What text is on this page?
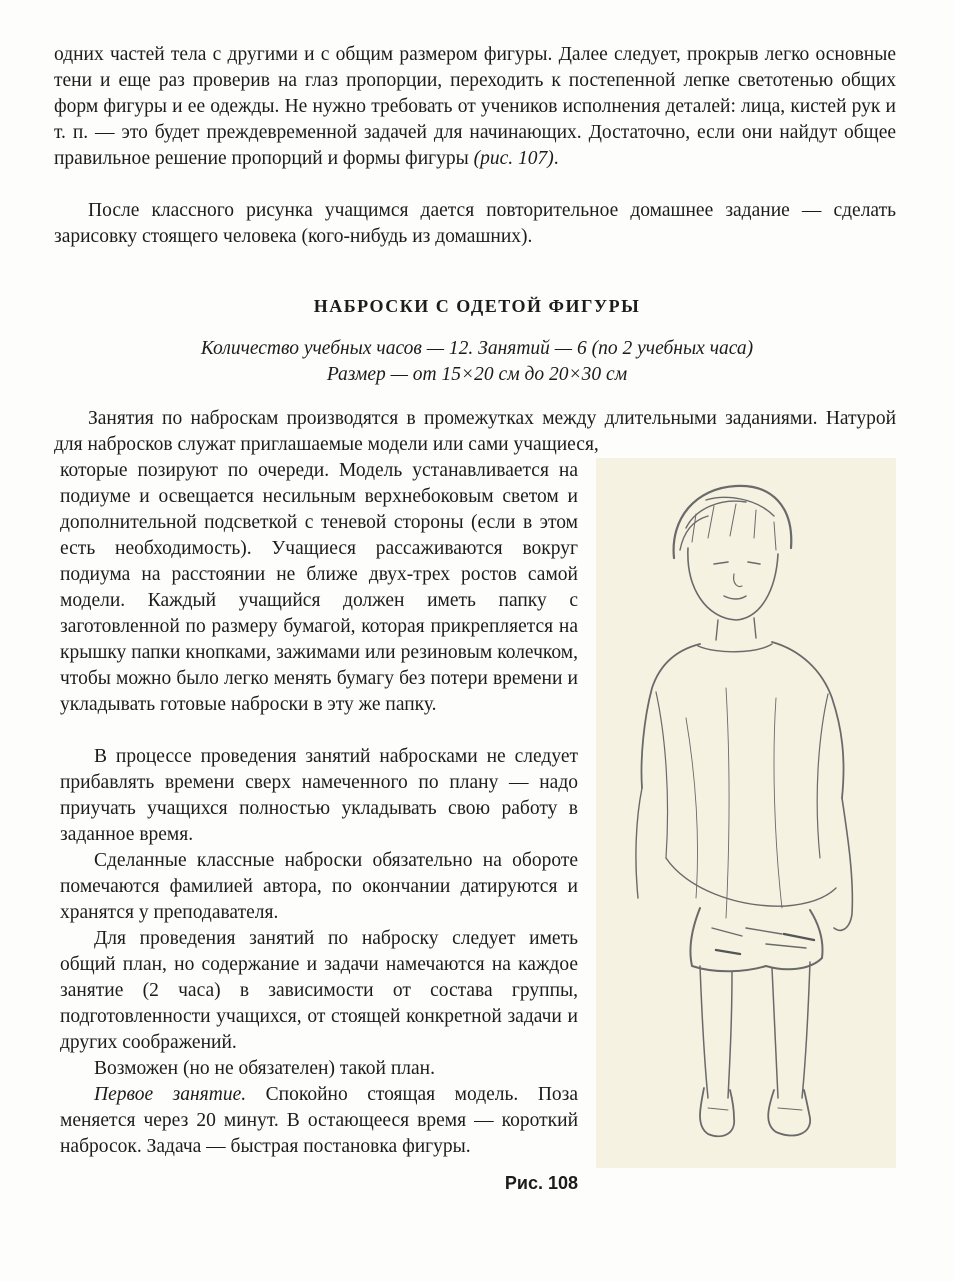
одних частей тела с другими и с общим размером фигуры. Далее следует, прокрыв легко основные тени и еще раз проверив на глаз пропорции, переходить к постепенной лепке светотенью общих форм фигуры и ее одежды. Не нужно требовать от учеников исполнения деталей: лица, кистей рук и т. п. — это будет преждевременной задачей для начинающих. Достаточно, если они найдут общее правильное решение пропорций и формы фигуры (рис. 107).

После классного рисунка учащимся дается повторительное домашнее задание — сделать зарисовку стоящего человека (кого-нибудь из домашних).

НАБРОСКИ С ОДЕТОЙ ФИГУРЫ

Количество учебных часов — 12. Занятий — 6 (по 2 учебных часа)

Размер — от 15×20 см до 20×30 см

Занятия по наброскам производятся в промежутках между длительными заданиями. Натурой для набросков служат приглашаемые модели или сами учащиеся,

которые позируют по очереди. Модель устанавливается на подиуме и освещается несильным верхнебоковым светом и дополнительной подсветкой с теневой стороны (если в этом есть необходимость). Учащиеся рассаживаются вокруг подиума на расстоянии не ближе двух-трех ростов самой модели. Каждый учащийся должен иметь папку с заготовленной по размеру бумагой, которая прикрепляется на крышку папки кнопками, зажимами или резиновым колечком, чтобы можно было легко менять бумагу без потери времени и укладывать готовые наброски в эту же папку.

В процессе проведения занятий набросками не следует прибавлять времени сверх намеченного по плану — надо приучать учащихся полностью укладывать свою работу в заданное время.

Сделанные классные наброски обязательно на обороте помечаются фамилией автора, по окончании датируются и хранятся у преподавателя.

Для проведения занятий по наброску следует иметь общий план, но содержание и задачи намечаются на каждое занятие (2 часа) в зависимости от состава группы, подготовленности учащихся, от стоящей конкретной задачи и других соображений.

Возможен (но не обязателен) такой план.

Первое занятие. Спокойно стоящая модель. Поза меняется через 20 минут. В остающееся время — короткий набросок. Задача — быстрая постановка фигуры.

Рис. 108
